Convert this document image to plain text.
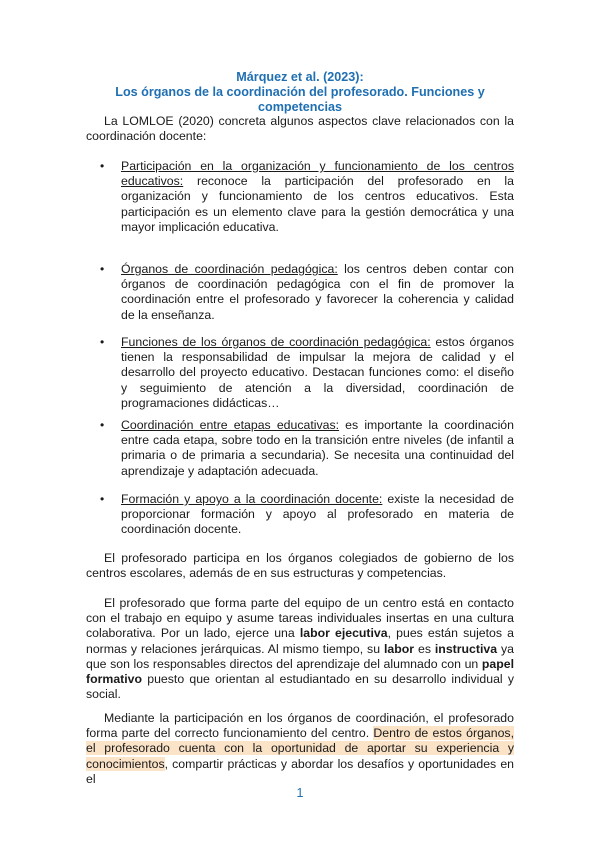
Márquez et al. (2023):
Los órganos de la coordinación del profesorado. Funciones y
competencias

La LOMLOE (2020) concreta algunos aspectos clave relacionados con la coordinación docente:

• Participación en la organización y funcionamiento de los centros educativos: reconoce la participación del profesorado en la organización y funcionamiento de los centros educativos. Esta participación es un elemento clave para la gestión democrática y una mayor implicación educativa.

• Órganos de coordinación pedagógica: los centros deben contar con órganos de coordinación pedagógica con el fin de promover la coordinación entre el profesorado y favorecer la coherencia y calidad de la enseñanza.

• Funciones de los órganos de coordinación pedagógica: estos órganos tienen la responsabilidad de impulsar la mejora de calidad y el desarrollo del proyecto educativo. Destacan funciones como: el diseño y seguimiento de atención a la diversidad, coordinación de programaciones didácticas…

• Coordinación entre etapas educativas: es importante la coordinación entre cada etapa, sobre todo en la transición entre niveles (de infantil a primaria o de primaria a secundaria). Se necesita una continuidad del aprendizaje y adaptación adecuada.

• Formación y apoyo a la coordinación docente: existe la necesidad de proporcionar formación y apoyo al profesorado en materia de coordinación docente.

El profesorado participa en los órganos colegiados de gobierno de los centros escolares, además de en sus estructuras y competencias.

El profesorado que forma parte del equipo de un centro está en contacto con el trabajo en equipo y asume tareas individuales insertas en una cultura colaborativa. Por un lado, ejerce una labor ejecutiva, pues están sujetos a normas y relaciones jerárquicas. Al mismo tiempo, su labor es instructiva ya que son los responsables directos del aprendizaje del alumnado con un papel formativo puesto que orientan al estudiantado en su desarrollo individual y social.

Mediante la participación en los órganos de coordinación, el profesorado forma parte del correcto funcionamiento del centro. Dentro de estos órganos, el profesorado cuenta con la oportunidad de aportar su experiencia y conocimientos, compartir prácticas y abordar los desafíos y oportunidades en el

1
